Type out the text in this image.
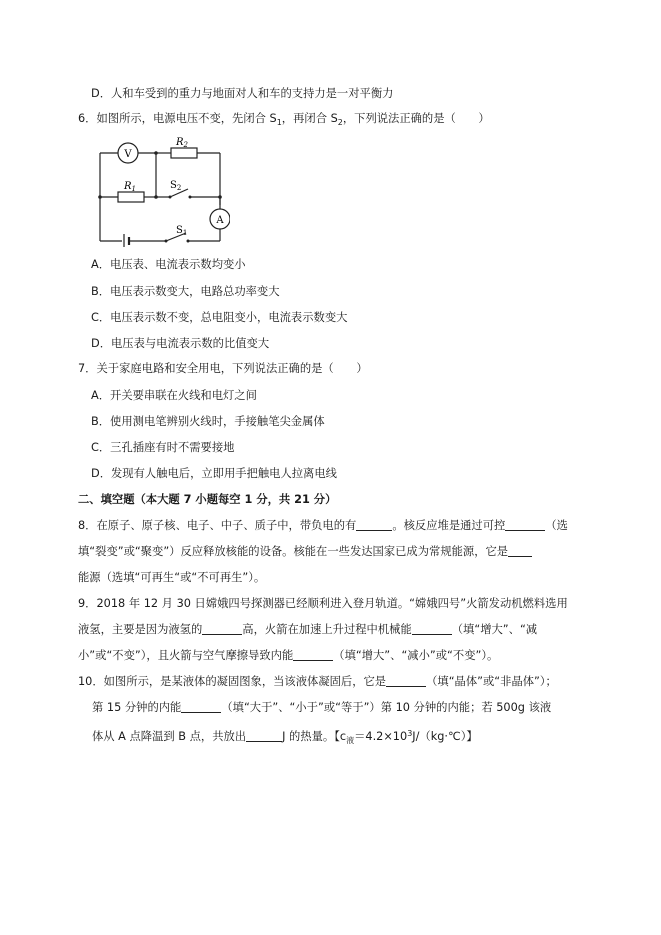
D．人和车受到的重力与地面对人和车的支持力是一对平衡力
6．如图所示，电源电压不变，先闭合 $S_1$，再闭合 $S_2$，下列说法正确的是（　　）
V
A
$R_2$
$R_1$	$S_2$
$S_1$
A．电压表、电流表示数均变小
B．电压表示数变大，电路总功率变大
C．电压表示数不变，总电阻变小，电流表示数变大
D．电压表与电流表示数的比值变大
7．关于家庭电路和安全用电，下列说法正确的是（　　）
A．开关要串联在火线和电灯之间
B．使用测电笔辨别火线时，手接触笔尖金属体
C．三孔插座有时不需要接地
D．发现有人触电后，立即用手把触电人拉离电线
二、填空题（本大题 7 小题每空 1 分，共 21 分）
8．在原子、原子核、电子、中子、质子中，带负电的有	。核反应堆是通过可控	（选
填“裂变”或“聚变”）反应释放核能的设备。核能在一些发达国家已成为常规能源，它是
能源（选填“可再生“或“不可再生”）。
9．2018 年 12 月 30 日嫦娥四号探测器已经顺利进入登月轨道。“嫦娥四号”火箭发动机燃料选用
液氢，主要是因为液氢的	高，火箭在加速上升过程中机械能	（填“增大”、“减
小”或“不变”），且火箭与空气摩擦导致内能	（填“增大”、“减小”或“不变”）。
10．如图所示，是某液体的凝固图象，当该液体凝固后，它是	（填“晶体”或“非晶体”）；
第 15 分钟的内能	（填“大于”、“小于”或“等于”）第 10 分钟的内能；若 500g 该液
体从 A 点降温到 B 点，共放出	J 的热量。【$c_液=4.2\times 10^3J/(kg\cdot℃)$】
